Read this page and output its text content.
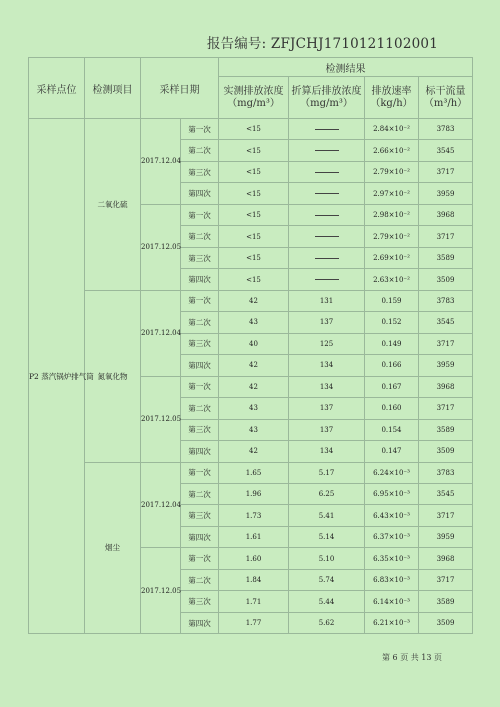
报告编号: ZFJCHJ1710121102001
采样点位	检测项目	采样日期		检测结果			
				实测排放浓度（mg/m³）	折算后排放浓度（mg/m³）	排放速率（kg/h）	标干流量（m³/h）
P2 蒸汽锅炉排气筒	二氧化硫	2017.12.04	第一次	<15		2.84×10⁻²	3783
			第二次	<15		2.66×10⁻²	3545
			第三次	<15		2.79×10⁻²	3717
			第四次	<15		2.97×10⁻²	3959
		2017.12.05	第一次	<15		2.98×10⁻²	3968
			第二次	<15		2.79×10⁻²	3717
			第三次	<15		2.69×10⁻²	3589
			第四次	<15		2.63×10⁻²	3509
	氮氧化物	2017.12.04	第一次	42	131	0.159	3783
			第二次	43	137	0.152	3545
			第三次	40	125	0.149	3717
			第四次	42	134	0.166	3959
		2017.12.05	第一次	42	134	0.167	3968
			第二次	43	137	0.160	3717
			第三次	43	137	0.154	3589
			第四次	42	134	0.147	3509
	烟尘	2017.12.04	第一次	1.65	5.17	6.24×10⁻³	3783
			第二次	1.96	6.25	6.95×10⁻³	3545
			第三次	1.73	5.41	6.43×10⁻³	3717
			第四次	1.61	5.14	6.37×10⁻³	3959
		2017.12.05	第一次	1.60	5.10	6.35×10⁻³	3968
			第二次	1.84	5.74	6.83×10⁻³	3717
			第三次	1.71	5.44	6.14×10⁻³	3589
			第四次	1.77	5.62	6.21×10⁻³	3509
第 6 页 共 13 页
